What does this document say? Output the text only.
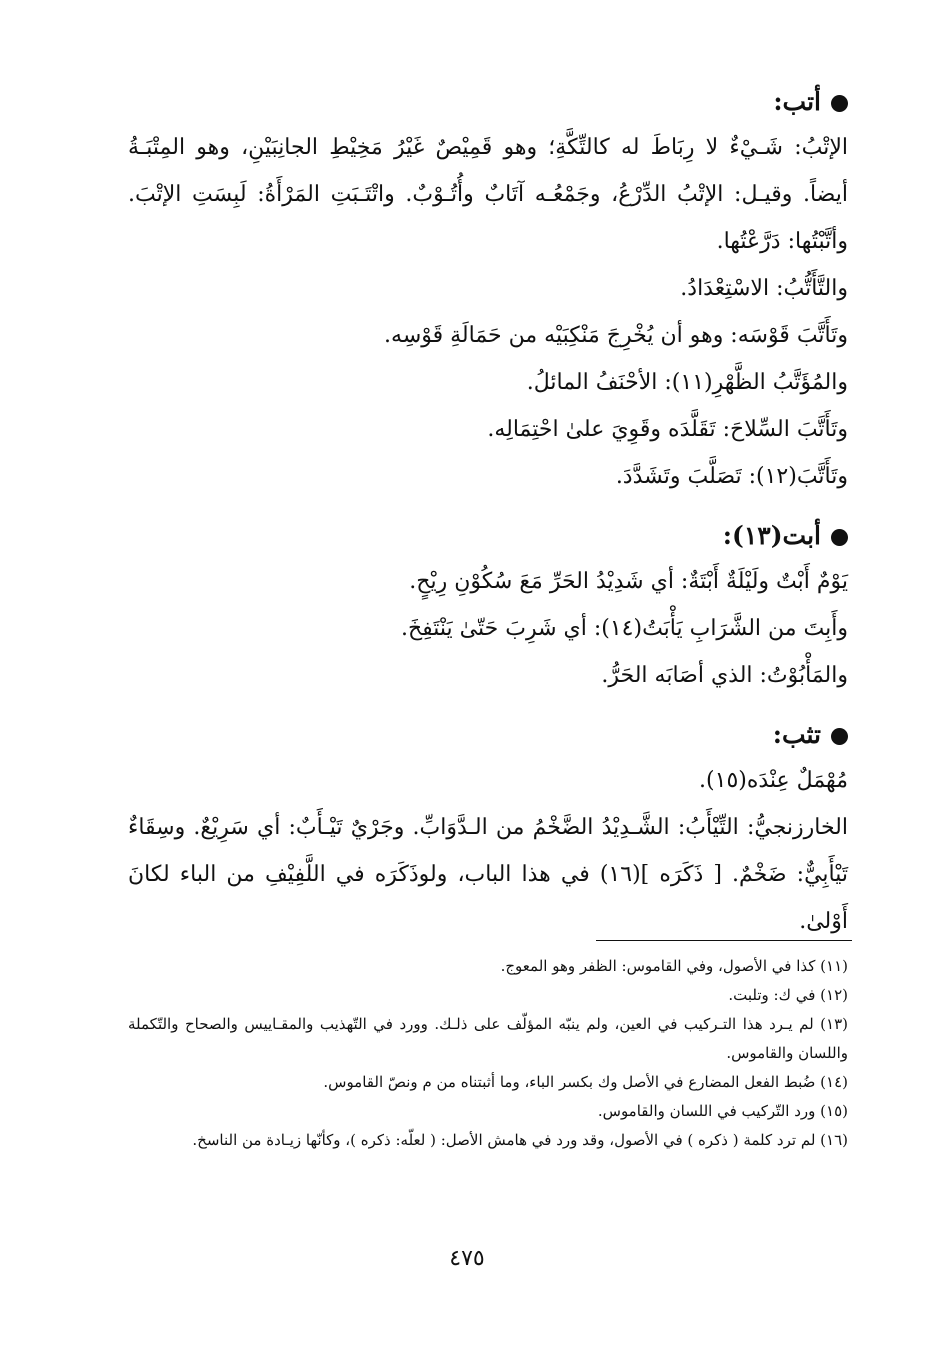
أتب:
الإتْبُ: شَـيْءٌ لا رِبَاطَ له كالتِّكَّةِ؛ وهو قَمِيْصٌ غَيْرُ مَخِيْطِ الجانِبَيْنِ، وهو المِتْبَـةُ أيضاً. وقيـل: الإتْبُ الدِّرْعُ، وجَمْعُـه آتَابٌ وأُتُـوْبٌ. واتْتَـبَتِ المَرْأَةُ: لَبِسَتِ الإتْبَ. وأتَّبْتُها: دَرَّعْتُها.
والتَّأَتُّبُ: الاسْتِعْدَادُ.
وتَأَتَّبَ قَوْسَه: وهو أن يُخْرِجَ مَنْكِبَيْه من حَمَالَةِ قَوْسِه.
والمُؤَتَّبُ الظَّهْرِ(١١): الأحْنَفُ المائلُ.
وتَأَتَّبَ السِّلاحَ: تَقَلَّدَه وقَوِيَ علىٰ احْتِمَالِه.
وتَأَتَّبَ(١٢): تَصَلَّبَ وتَشَدَّدَ.
أبت(١٣):
يَوْمٌ أَبْتٌ ولَيْلَةٌ أَبْتَةٌ: أي شَدِيْدُ الحَرِّ مَعَ سُكُوْنِ رِيْحٍ.
وأَبِتَ من الشَّرَابِ يَأْبَتُ(١٤): أي شَرِبَ حَتّىٰ يَنْتَفِخَ.
والمَأْبُوْتُ: الذي أصَابَه الحَرُّ.
تثب:
مُهْمَلٌ عِنْدَه(١٥).
الخارزنجيُّ: التِّيْأَبُ: الشَّـدِيْدُ الضَّخْمُ من الـدَّوَابِّ. وجَرْيٌ تَيْـأَبٌ: أي سَرِيْعٌ. وسِقَاءٌ تَيْأَبِيٌّ: ضَخْمٌ. [ ذَكَرَه ](١٦) في هذا الباب، ولوذَكَرَه في اللَّفِيْفِ من الباء لكانَ أَوْلىٰ.
(١١) كذا في الأصول، وفي القاموس: الظفر وهو المعوج.
(١٢) في ك: وتلبت.
(١٣) لم يـرد هذا التـركيب في العين، ولم ينبّه المؤلّف على ذلـك. وورد في التّهذيب والمقـاييس والصحاح والتّكملة واللسان والقاموس.
(١٤) ضُبط الفعل المضارع في الأصل وك بكسر الباء، وما أثبتناه من م ونصّ القاموس.
(١٥) ورد التّركيب في اللسان والقاموس.
(١٦) لم ترد كلمة ( ذكره ) في الأصول، وقد ورد في هامش الأصل: ( لعلّه: ذكره )، وكأنّها زيـادة من الناسخ.
٤٧٥
